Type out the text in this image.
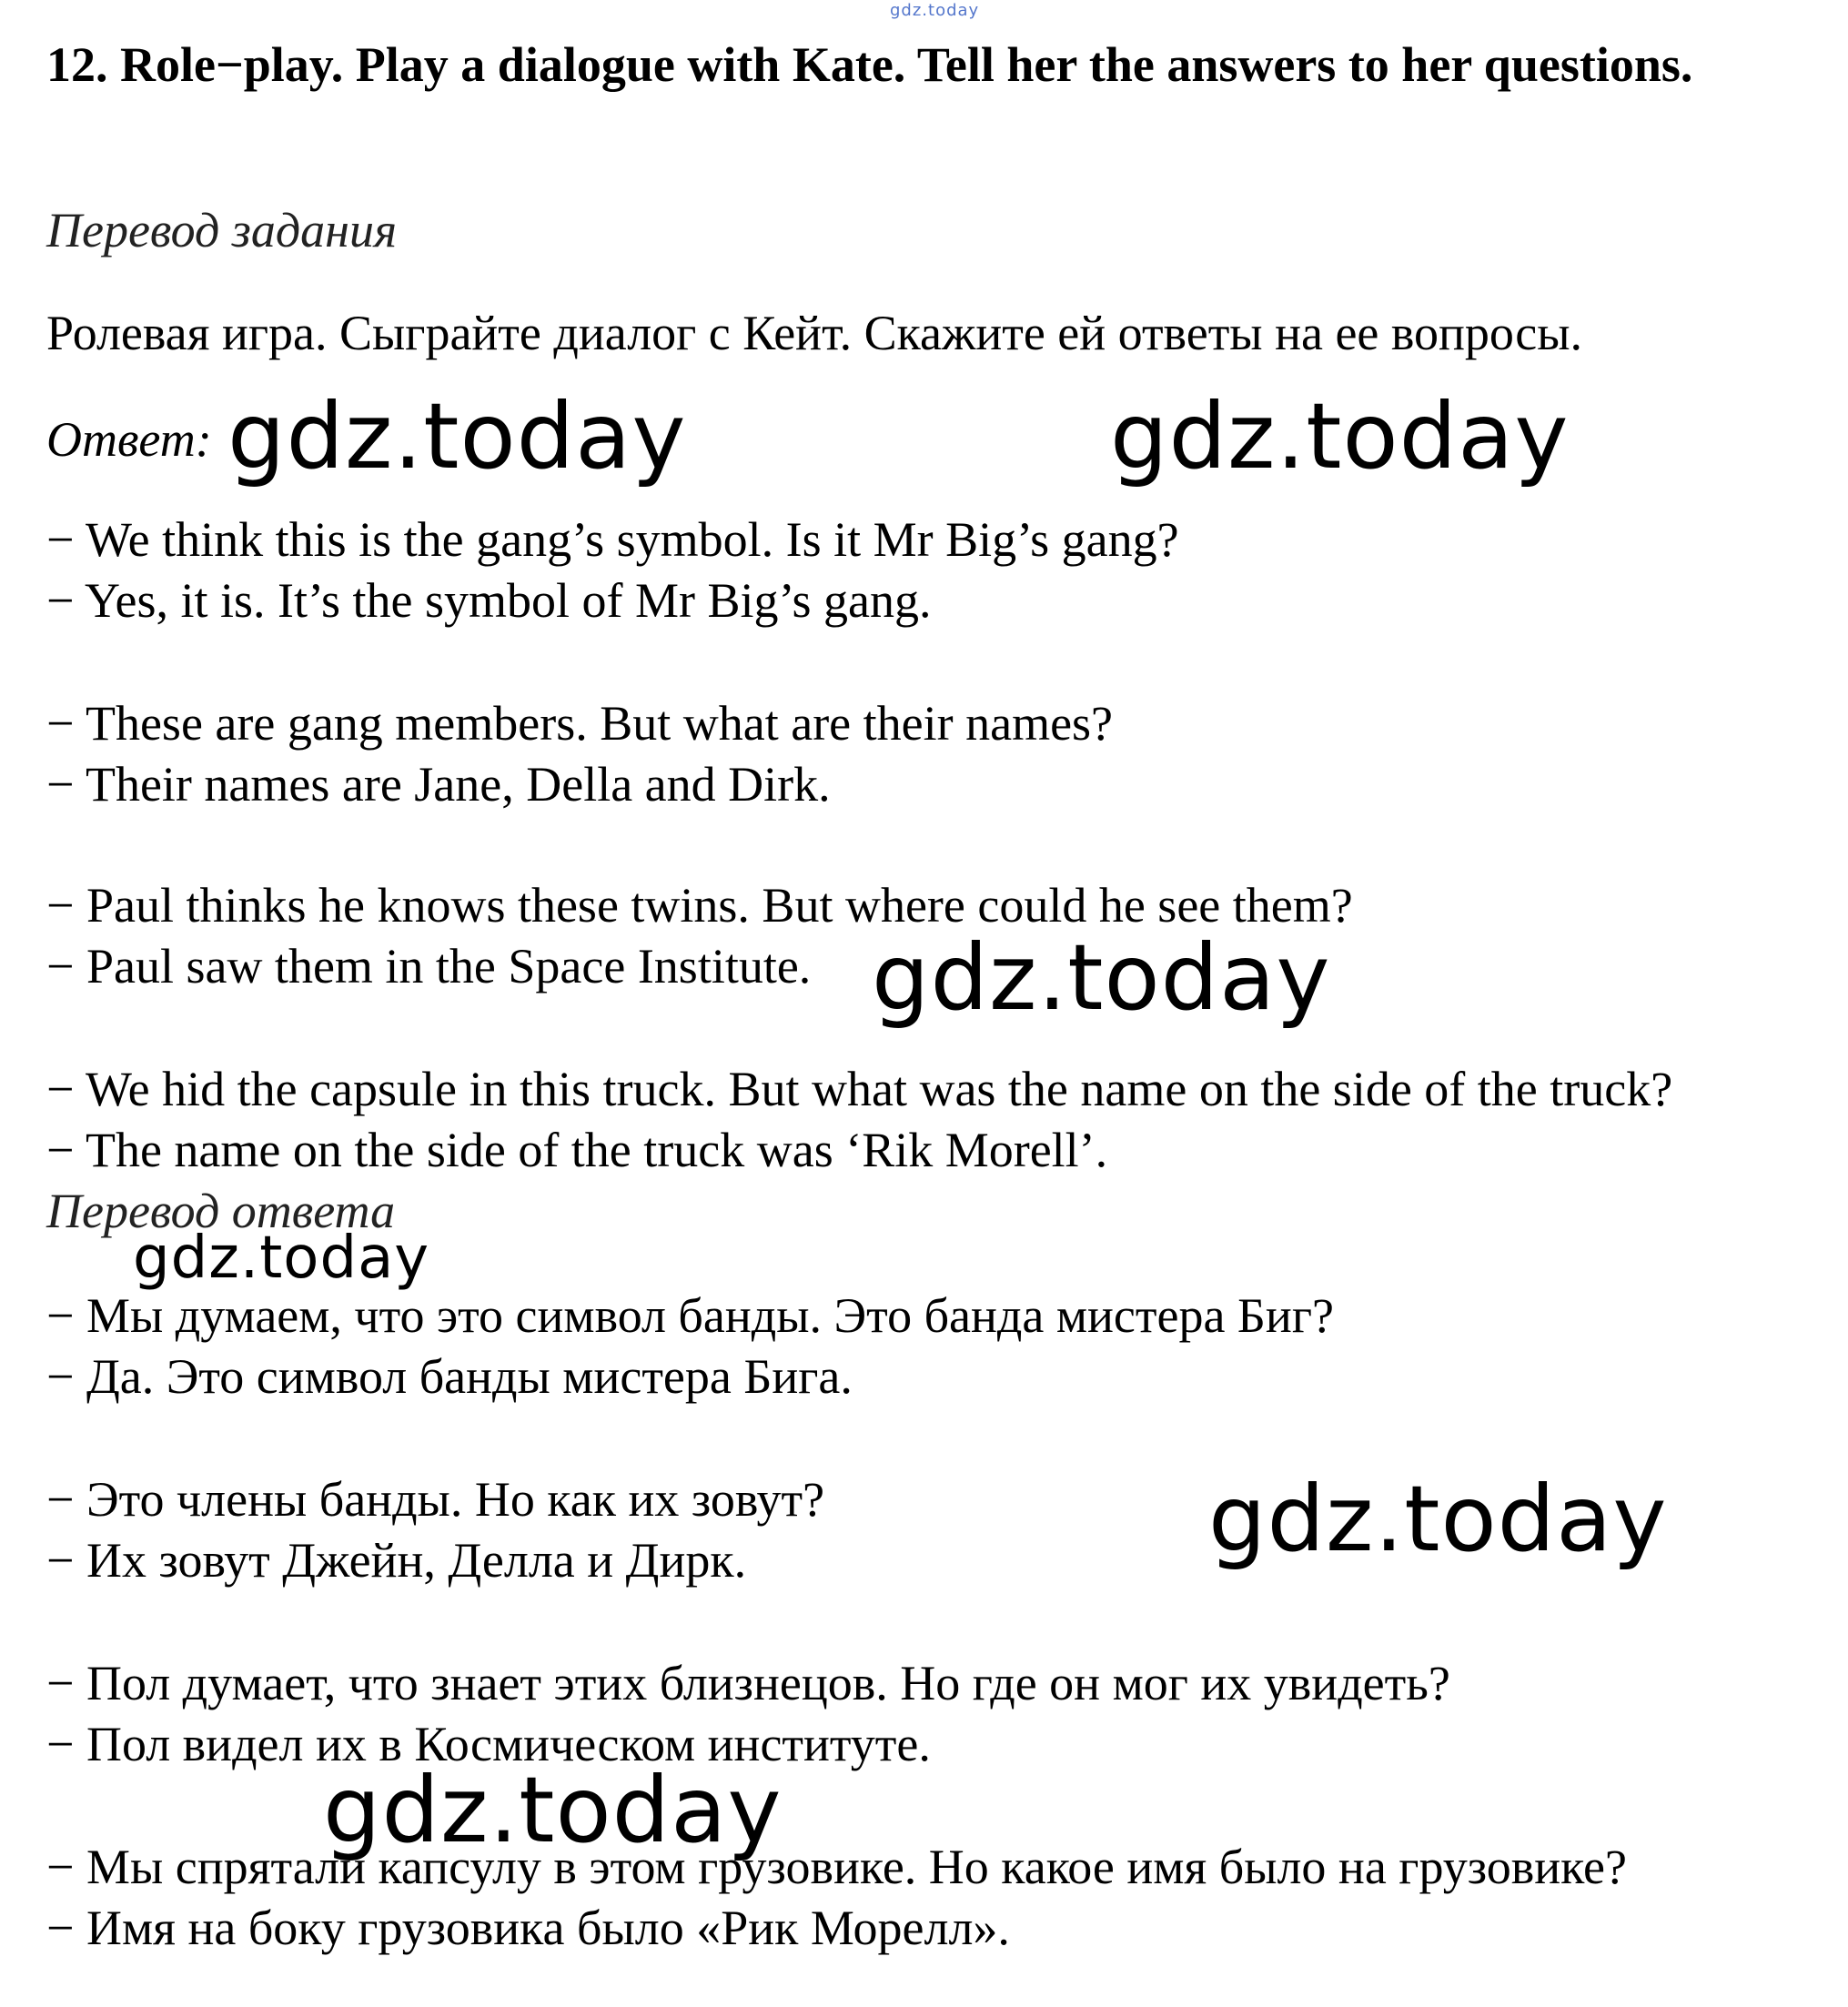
gdz.today
12. Role−play. Play a dialogue with Kate. Tell her the answers to her questions.
Перевод задания
Ролевая игра. Сыграйте диалог с Кейт. Скажите ей ответы на ее вопросы.
Ответ: gdz.today	gdz.today
− We think this is the gang’s symbol. Is it Mr Big’s gang?
− Yes, it is. It’s the symbol of Mr Big’s gang.
− These are gang members. But what are their names?
− Their names are Jane, Della and Dirk.
− Paul thinks he knows these twins. But where could he see them?
− Paul saw them in the Space Institute. gdz.today
− We hid the capsule in this truck. But what was the name on the side of the truck?
− The name on the side of the truck was ‘Rik Morell’.
Перевод ответа
gdz.today
− Мы думаем, что это символ банды. Это банда мистера Биг?
− Да. Это символ банды мистера Бига.
− Это члены банды. Но как их зовут?
− Их зовут Джейн, Делла и Дирк.	gdz.today
− Пол думает, что знает этих близнецов. Но где он мог их увидеть?
− Пол видел их в Космическом институте.
gdz.today
− Мы спрятали капсулу в этом грузовике. Но какое имя было на грузовике?
− Имя на боку грузовика было «Рик Морелл».
